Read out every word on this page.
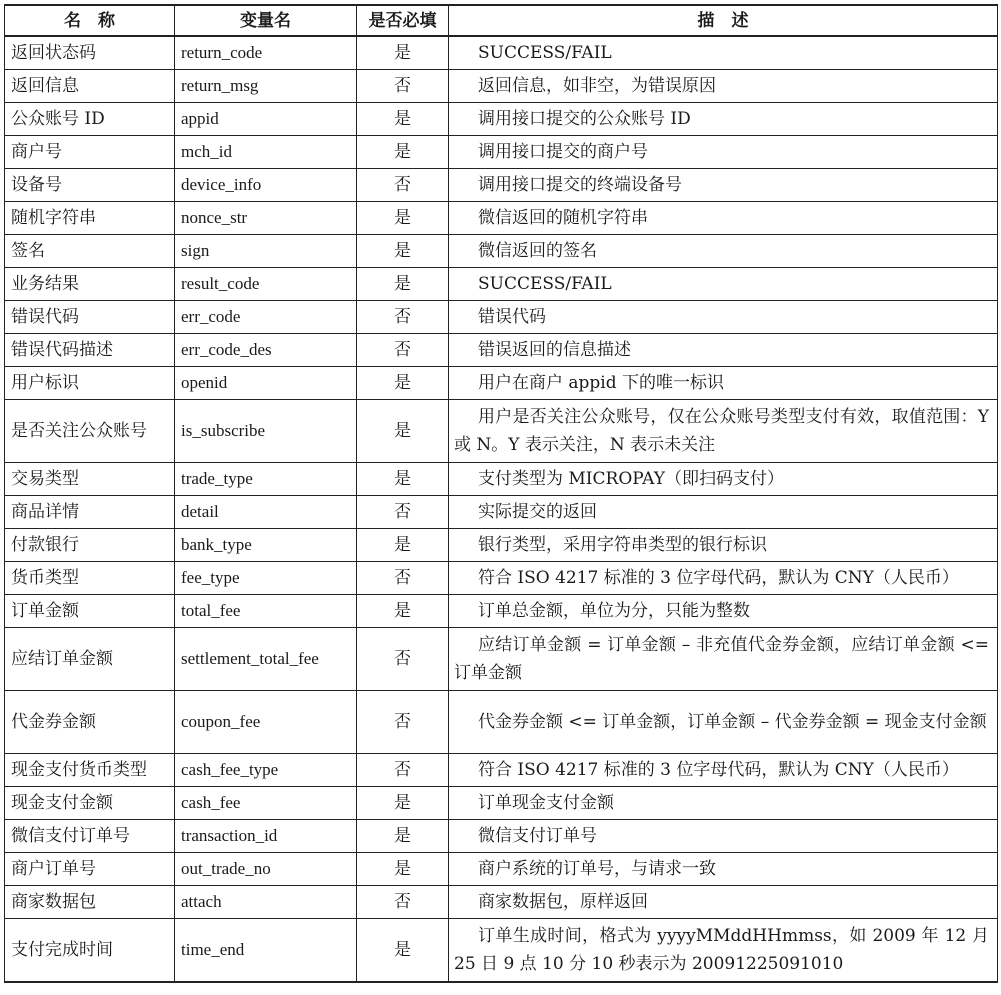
名　称	变量名	是否必填	描　述
返回状态码	return_code	是	SUCCESS/FAIL
返回信息	return_msg	否	返回信息，如非空，为错误原因
公众账号 ID	appid	是	调用接口提交的公众账号 ID
商户号	mch_id	是	调用接口提交的商户号
设备号	device_info	否	调用接口提交的终端设备号
随机字符串	nonce_str	是	微信返回的随机字符串
签名	sign	是	微信返回的签名
业务结果	result_code	是	SUCCESS/FAIL
错误代码	err_code	否	错误代码
错误代码描述	err_code_des	否	错误返回的信息描述
用户标识	openid	是	用户在商户 appid 下的唯一标识
是否关注公众账号	is_subscribe	是	用户是否关注公众账号，仅在公众账号类型支付有效，取值范围：Y 或 N。Y 表示关注，N 表示未关注
交易类型	trade_type	是	支付类型为 MICROPAY（即扫码支付）
商品详情	detail	否	实际提交的返回
付款银行	bank_type	是	银行类型，采用字符串类型的银行标识
货币类型	fee_type	否	符合 ISO 4217 标准的 3 位字母代码，默认为 CNY（人民币）
订单金额	total_fee	是	订单总金额，单位为分，只能为整数
应结订单金额	settlement_total_fee	否	应结订单金额 = 订单金额 – 非充值代金券金额，应结订单金额 <= 订单金额
代金券金额	coupon_fee	否	代金券金额 <= 订单金额，订单金额 – 代金券金额 = 现金支付金额
现金支付货币类型	cash_fee_type	否	符合 ISO 4217 标准的 3 位字母代码，默认为 CNY（人民币）
现金支付金额	cash_fee	是	订单现金支付金额
微信支付订单号	transaction_id	是	微信支付订单号
商户订单号	out_trade_no	是	商户系统的订单号，与请求一致
商家数据包	attach	否	商家数据包，原样返回
支付完成时间	time_end	是	订单生成时间，格式为 yyyyMMddHHmmss，如 2009 年 12 月 25 日 9 点 10 分 10 秒表示为 20091225091010
